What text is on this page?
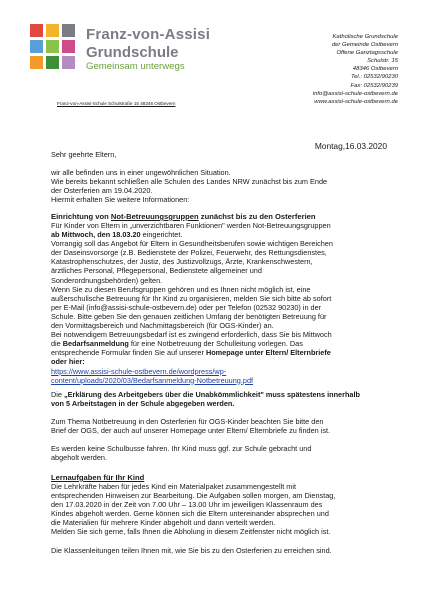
Franz-von-Assisi
Grundschule
Gemeinsam unterwegs
Katholische Grundschule
der Gemeinde Ostbevern
Offene Ganztagsschule
Schulstr. 15
48346 Ostbevern
Tel.: 02532/90230
Fax: 02532/90239
info@assisi-schule-ostbevern.de
www.assisi-schule-ostbevern.de
Franz-von-Assisi-Schule Schulstraße 15 48346 Ostbevern
Montag,16.03.2020
Sehr geehrte Eltern,
wir alle befinden uns in einer ungewöhnlichen Situation.
Wie bereits bekannt schließen alle Schulen des Landes NRW zunächst bis zum Ende
der Osterferien am 19.04.2020.
Hiermit erhalten Sie weitere Informationen:
Einrichtung von Not-Betreuungsgruppen zunächst bis zu den Osterferien
Für Kinder von Eltern in „unverzichtbaren Funktionen" werden Not-Betreuungsgruppen
ab Mittwoch, den 18.03.20 eingerichtet.
Vorrangig soll das Angebot für Eltern in Gesundheitsberufen sowie wichtigen Bereichen
der Daseinsvorsorge (z.B. Bedienstete der Polizei, Feuerwehr, des Rettungsdienstes,
Katastrophenschutzes, der Justiz, des Justizvollzugs, Ärzte, Krankenschwestern,
ärztliches Personal, Pflegepersonal, Bedienstete allgemeiner und
Sonderordnungsbehörden) gelten.
Wenn Sie zu diesen Berufsgruppen gehören und es Ihnen nicht möglich ist, eine
außerschulische Betreuung für Ihr Kind zu organisieren, melden Sie sich bitte ab sofort
per E-Mail (info@assisi-schule-ostbevern.de) oder per Telefon (02532 90230) in der
Schule. Bitte geben Sie den genauen zeitlichen Umfang der benötigten Betreuung für
den Vormittagsbereich und Nachmittagsbereich (für OGS-Kinder) an.
Bei notwendigem Betreuungsbedarf ist es zwingend erforderlich, dass Sie bis Mittwoch
die Bedarfsanmeldung für eine Notbetreuung der Schulleitung vorlegen. Das
entsprechende Formular finden Sie auf unserer Homepage unter Eltern/ Elternbriefe
oder hier:
https://www.assisi-schule-ostbevern.de/wordpress/wp-
content/uploads/2020/03/Bedarfsanmeldung-Notbetreuung.pdf
Die „Erklärung des Arbeitgebers über die Unabkömmlichkeit" muss spätestens innerhalb
von 5 Arbeitstagen in der Schule abgegeben werden.
Zum Thema Notbetreuung in den Osterferien für OGS-Kinder beachten Sie bitte den
Brief der OGS, der auch auf unserer Homepage unter Eltern/ Elternbriefe zu finden ist.
Es werden keine Schulbusse fahren. Ihr Kind muss ggf. zur Schule gebracht und
abgeholt werden.
Lernaufgaben für Ihr Kind
Die Lehrkräfte haben für jedes Kind ein Materialpaket zusammengestellt mit
entsprechenden Hinweisen zur Bearbeitung. Die Aufgaben sollen morgen, am Dienstag,
den 17.03.2020 in der Zeit von 7.00 Uhr – 13.00 Uhr im jeweiligen Klassenraum des
Kindes abgeholt werden. Gerne können sich die Eltern untereinander absprechen und
die Materialien für mehrere Kinder abgeholt und dann verteilt werden.
Melden Sie sich gerne, falls Ihnen die Abholung in diesem Zeitfenster nicht möglich ist.
Die Klassenleitungen teilen Ihnen mit, wie Sie bis zu den Osterferien zu erreichen sind.
